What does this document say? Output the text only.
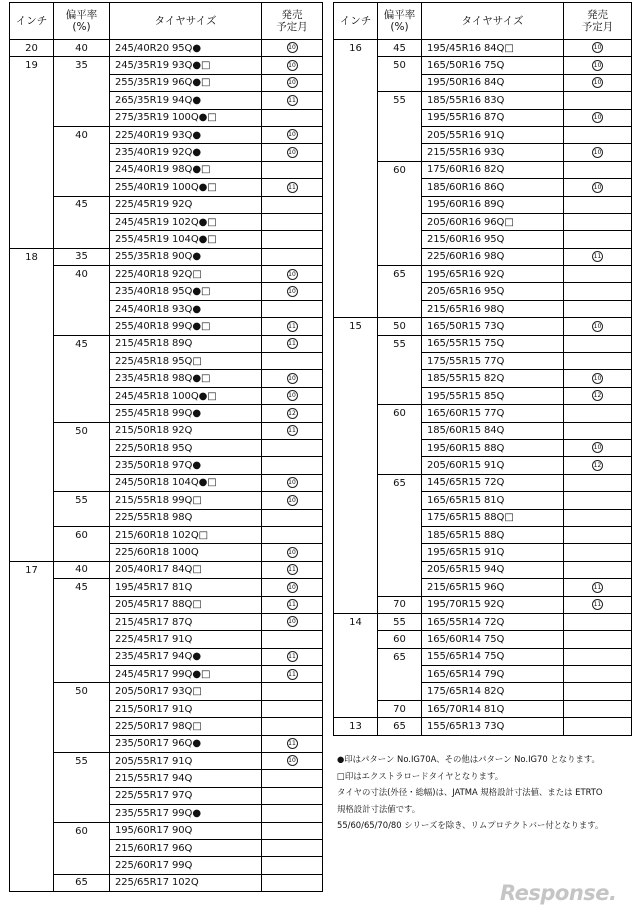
インチ	偏平率
(%)	タイヤサイズ	発売
予定月
20	40	245/40R20 95Q●	10
19	35	245/35R19 93Q●□	10
		255/35R19 96Q●□	10
		265/35R19 94Q●	11
		275/35R19 100Q●□	
	40	225/40R19 93Q●	10
		235/40R19 92Q●	10
		245/40R19 98Q●□	
		255/40R19 100Q●□	11
	45	225/45R19 92Q	
		245/45R19 102Q●□	
		255/45R19 104Q●□	
18	35	255/35R18 90Q●	
	40	225/40R18 92Q□	10
		235/40R18 95Q●□	10
		245/40R18 93Q●	
		255/40R18 99Q●□	11
	45	215/45R18 89Q	11
		225/45R18 95Q□	
		235/45R18 98Q●□	10
		245/45R18 100Q●□	10
		255/45R18 99Q●	12
	50	215/50R18 92Q	11
		225/50R18 95Q	
		235/50R18 97Q●	
		245/50R18 104Q●□	10
	55	215/55R18 99Q□	10
		225/55R18 98Q	
	60	215/60R18 102Q□	
		225/60R18 100Q	10
17	40	205/40R17 84Q□	11
	45	195/45R17 81Q	10
		205/45R17 88Q□	11
		215/45R17 87Q	10
		225/45R17 91Q	
		235/45R17 94Q●	11
		245/45R17 99Q●□	11
	50	205/50R17 93Q□	
		215/50R17 91Q	
		225/50R17 98Q□	
		235/50R17 96Q●	11
	55	205/55R17 91Q	10
		215/55R17 94Q	
		225/55R17 97Q	
		235/55R17 99Q●	
	60	195/60R17 90Q	
		215/60R17 96Q	
		225/60R17 99Q	
	65	225/65R17 102Q	
インチ	偏平率
(%)	タイヤサイズ	発売
予定月
16	45	195/45R16 84Q□	10
	50	165/50R16 75Q	10
		195/50R16 84Q	10
	55	185/55R16 83Q	
		195/55R16 87Q	10
		205/55R16 91Q	
		215/55R16 93Q	10
	60	175/60R16 82Q	
		185/60R16 86Q	10
		195/60R16 89Q	
		205/60R16 96Q□	
		215/60R16 95Q	
		225/60R16 98Q	11
	65	195/65R16 92Q	
		205/65R16 95Q	
		215/65R16 98Q	
15	50	165/50R15 73Q	10
	55	165/55R15 75Q	
		175/55R15 77Q	
		185/55R15 82Q	10
		195/55R15 85Q	12
	60	165/60R15 77Q	
		185/60R15 84Q	
		195/60R15 88Q	10
		205/60R15 91Q	12
	65	145/65R15 72Q	
		165/65R15 81Q	
		175/65R15 88Q□	
		185/65R15 88Q	
		195/65R15 91Q	
		205/65R15 94Q	
		215/65R15 96Q	11
	70	195/70R15 92Q	11
14	55	165/55R14 72Q	
	60	165/60R14 75Q	
	65	155/65R14 75Q	
		165/65R14 79Q	
		175/65R14 82Q	
	70	165/70R14 81Q	
13	65	155/65R13 73Q	
●印はパターン No.IG70A、その他はパターン No.IG70 となります。
□印はエクストラロードタイヤとなります。
タイヤの寸法(外径・総幅)は、JATMA 規格設計寸法値、または ETRTO
規格設計寸法値です。
55/60/65/70/80 シリーズを除き、リムプロテクトバー付となります。
Response.
